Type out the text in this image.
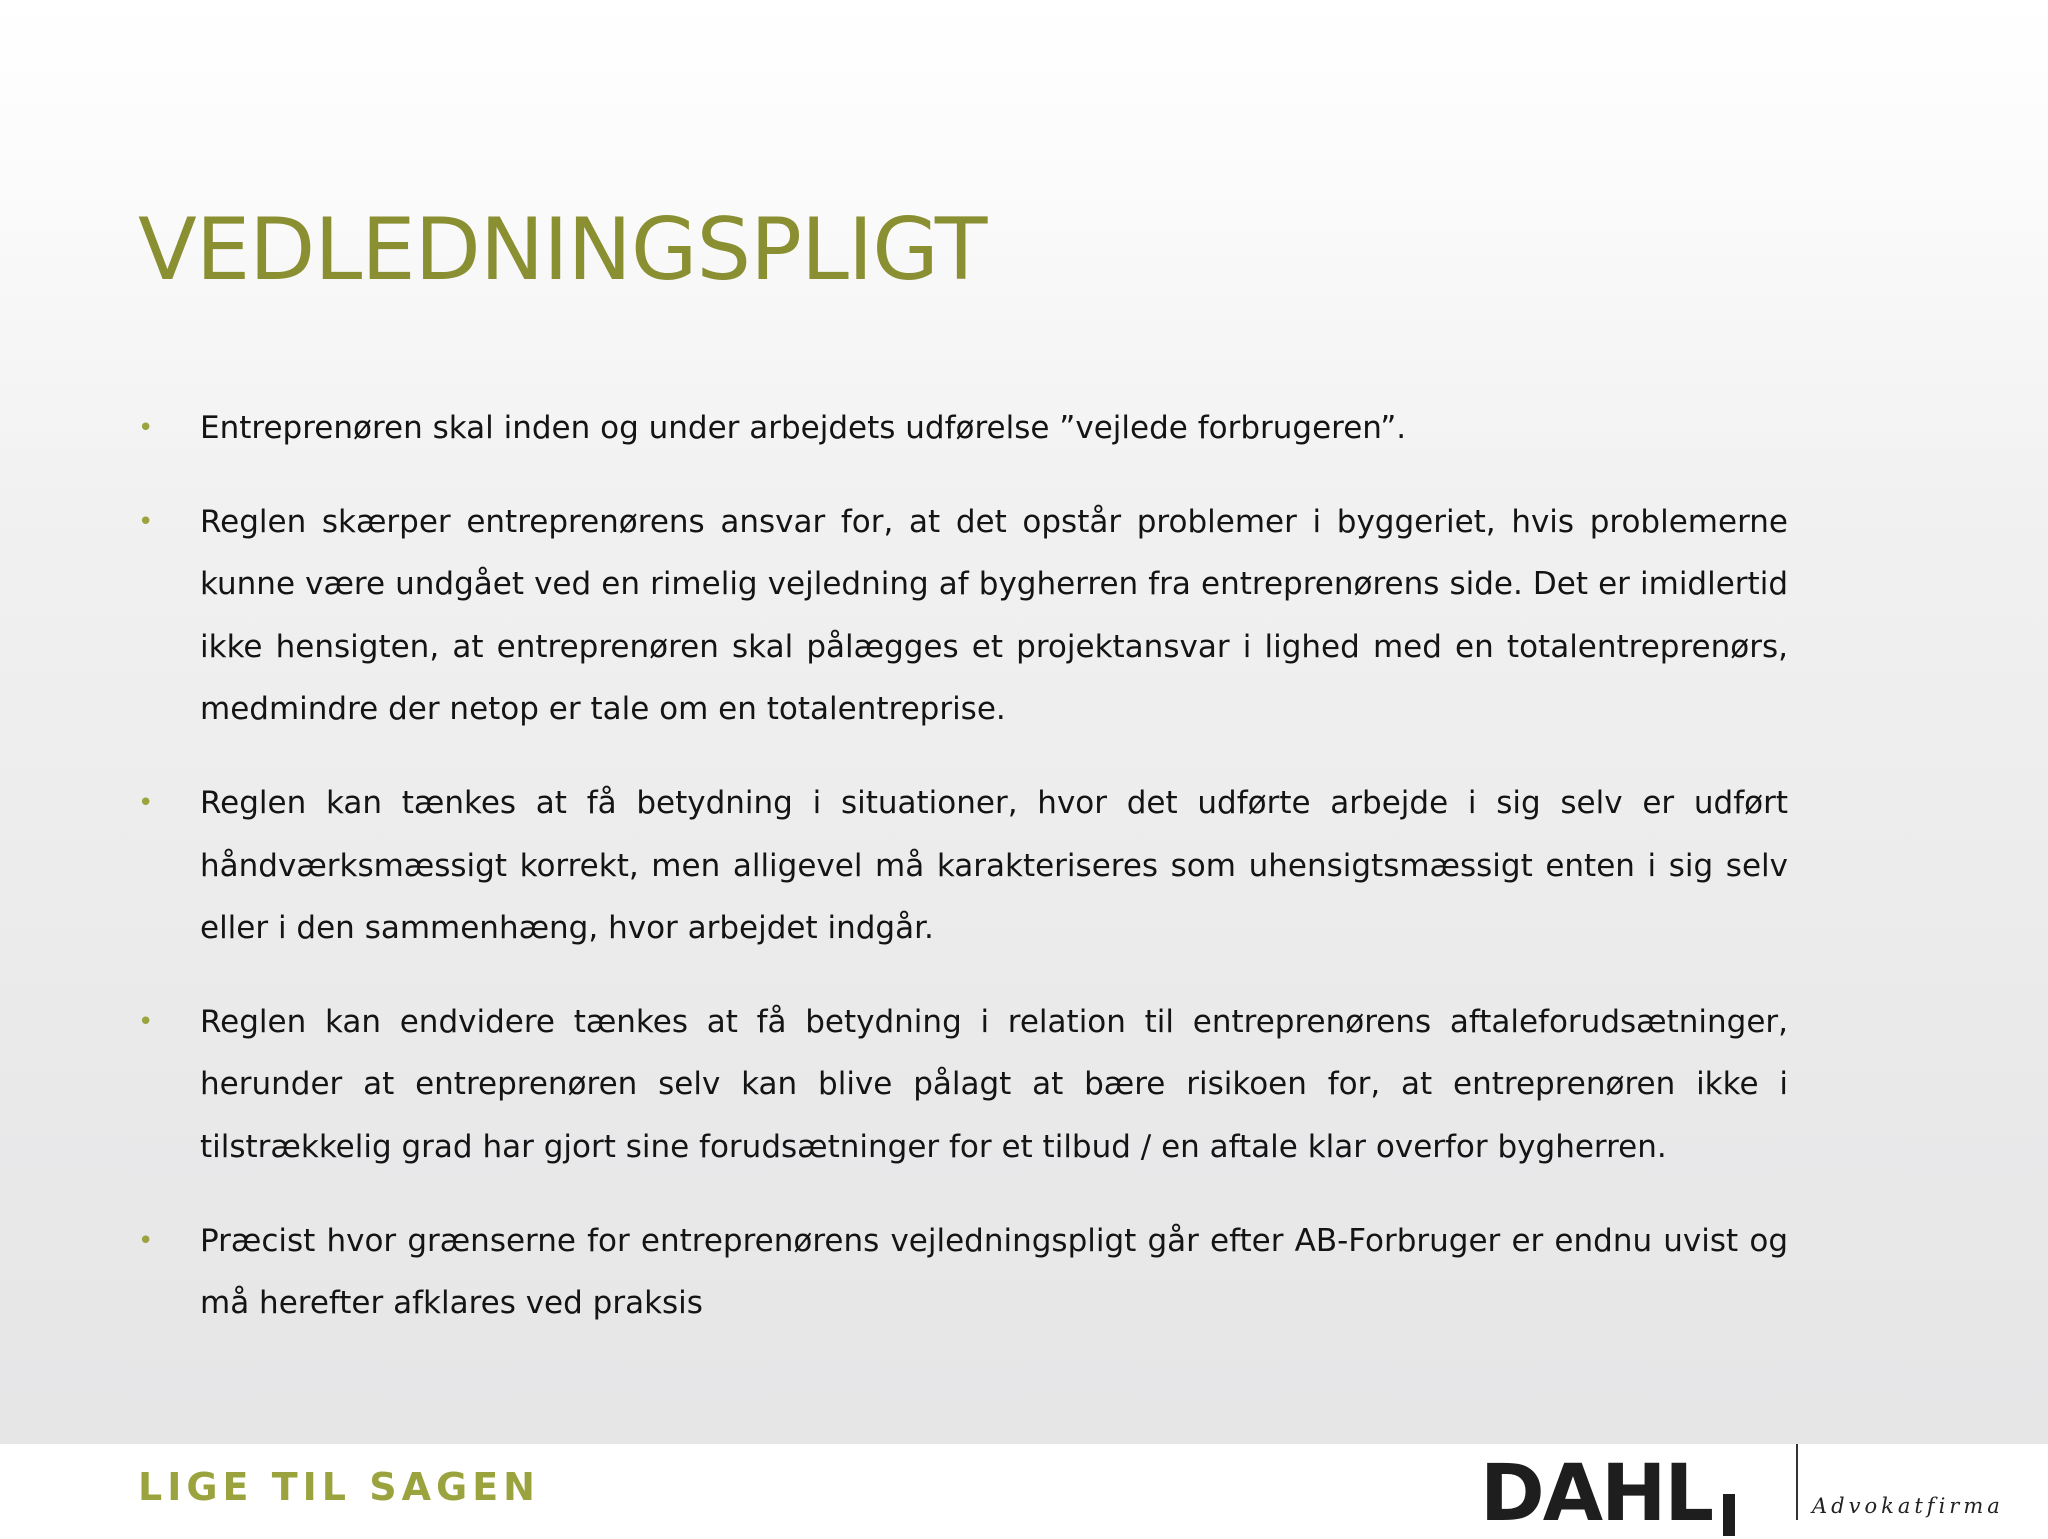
VEDLEDNINGSPLIGT
• Entreprenøren skal inden og under arbejdets udførelse ”vejlede forbrugeren”.
• Reglen skærper entreprenørens ansvar for, at det opstår problemer i byggeriet, hvis problemerne kunne være undgået ved en rimelig vejledning af bygherren fra entreprenørens side. Det er imidlertid ikke hensigten, at entreprenøren skal pålægges et projektansvar i lighed med en totalentreprenørs, medmindre der netop er tale om en totalentreprise.
• Reglen kan tænkes at få betydning i situationer, hvor det udførte arbejde i sig selv er udført håndværksmæssigt korrekt, men alligevel må karakteriseres som uhensigtsmæssigt enten i sig selv eller i den sammenhæng, hvor arbejdet indgår.
• Reglen kan endvidere tænkes at få betydning i relation til entreprenørens aftaleforudsætninger, herunder at entreprenøren selv kan blive pålagt at bære risikoen for, at entreprenøren ikke i tilstrækkelig grad har gjort sine forudsætninger for et tilbud / en aftale klar overfor bygherren.
• Præcist hvor grænserne for entreprenørens vejledningspligt går efter AB-Forbruger er endnu uvist og må herefter afklares ved praksis
LIGE TIL SAGEN	DAHL	Advokatfirma
